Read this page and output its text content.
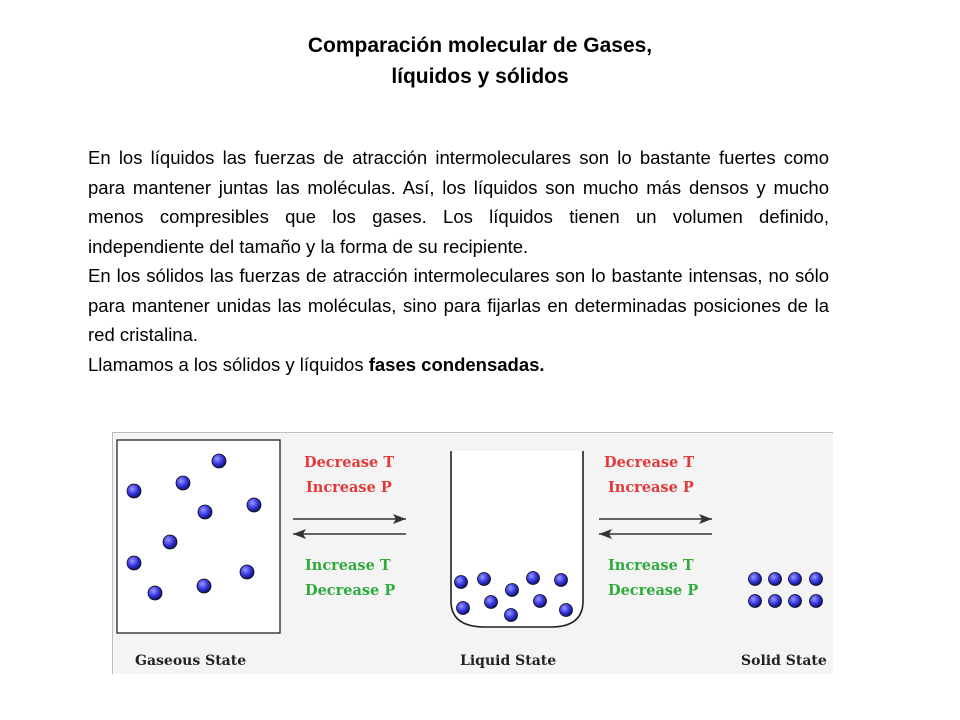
Comparación molecular de Gases,
líquidos y sólidos

En los líquidos las fuerzas de atracción intermoleculares son lo bastante fuertes como para mantener juntas las moléculas. Así, los líquidos son mucho más densos y mucho menos compresibles que los gases. Los líquidos tienen un volumen definido, independiente del tamaño y la forma de su recipiente.

En los sólidos las fuerzas de atracción intermoleculares son lo bastante intensas, no sólo para mantener unidas las moléculas, sino para fijarlas en determinadas posiciones de la red cristalina.

Llamamos a los sólidos y líquidos fases condensadas.

Decrease T
Increase P
Increase T
Decrease P
Decrease T
Increase P
Increase T
Decrease P
Gaseous State	Liquid State	Solid State
